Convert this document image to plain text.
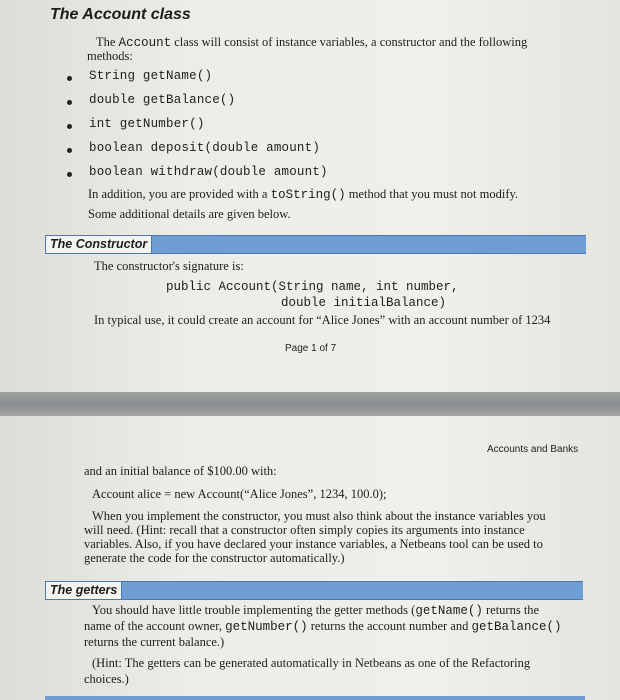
The Account class
The Account class will consist of instance variables, a constructor and the following
methods:
String getName()
double getBalance()
int getNumber()
boolean deposit(double amount)
boolean withdraw(double amount)
In addition, you are provided with a toString() method that you must not modify.
Some additional details are given below.
The Constructor
The constructor's signature is:
public Account(String name, int number,
double initialBalance)
In typical use, it could create an account for “Alice Jones” with an account number of 1234
Page 1 of 7
Accounts and Banks
and an initial balance of $100.00 with:
Account alice = new Account(“Alice Jones”, 1234, 100.0);
When you implement the constructor, you must also think about the instance variables you
will need. (Hint: recall that a constructor often simply copies its arguments into instance
variables. Also, if you have declared your instance variables, a Netbeans tool can be used to
generate the code for the constructor automatically.)
The getters
You should have little trouble implementing the getter methods (getName() returns the
name of the account owner, getNumber() returns the account number and getBalance()
returns the current balance.)
(Hint: The getters can be generated automatically in Netbeans as one of the Refactoring
choices.)
